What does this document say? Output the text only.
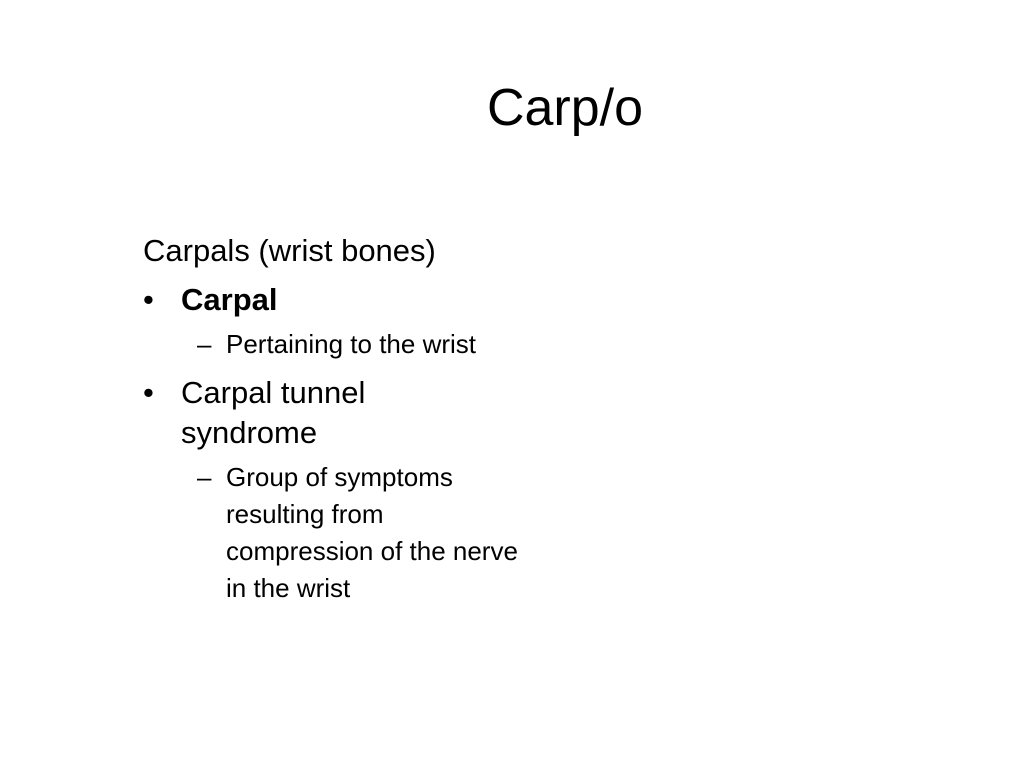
Carp/o

Carpals (wrist bones)

• Carpal
– Pertaining to the wrist
• Carpal tunnel syndrome
– Group of symptoms resulting from compression of the nerve in the wrist
